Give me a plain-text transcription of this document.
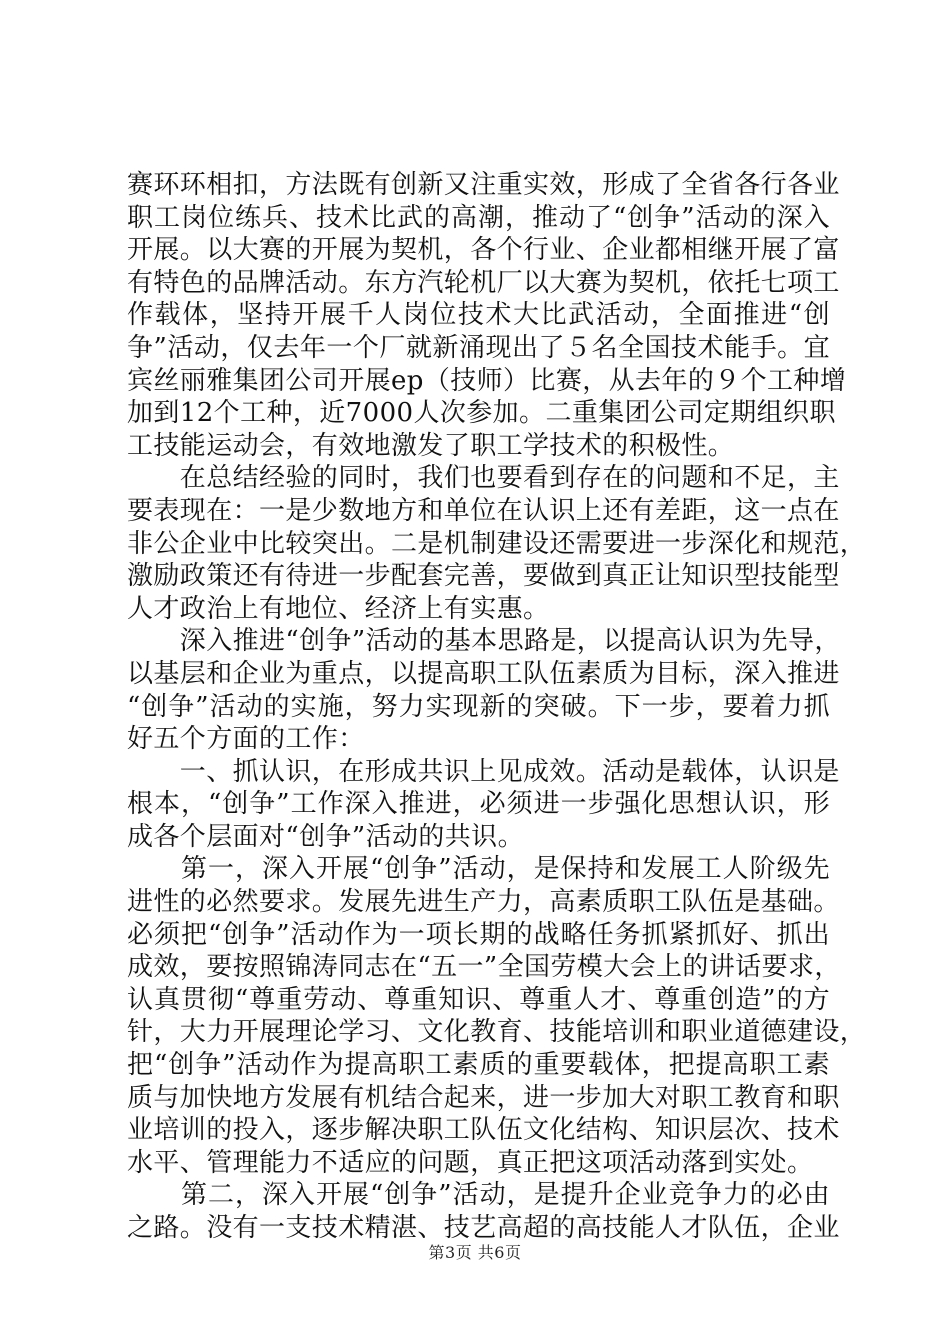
赛环环相扣，方法既有创新又注重实效，形成了全省各行各业
职工岗位练兵、技术比武的高潮，推动了“创争”活动的深入
开展。以大赛的开展为契机，各个行业、企业都相继开展了富
有特色的品牌活动。东方汽轮机厂以大赛为契机，依托七项工
作载体，坚持开展千人岗位技术大比武活动，全面推进“创
争”活动，仅去年一个厂就新涌现出了５名全国技术能手。宜
宾丝丽雅集团公司开展ep（技师）比赛，从去年的９个工种增
加到12个工种，近7000人次参加。二重集团公司定期组织职
工技能运动会，有效地激发了职工学技术的积极性。
　　在总结经验的同时，我们也要看到存在的问题和不足，主
要表现在：一是少数地方和单位在认识上还有差距，这一点在
非公企业中比较突出。二是机制建设还需要进一步深化和规范，
激励政策还有待进一步配套完善，要做到真正让知识型技能型
人才政治上有地位、经济上有实惠。
　　深入推进“创争”活动的基本思路是，以提高认识为先导，
以基层和企业为重点，以提高职工队伍素质为目标，深入推进
“创争”活动的实施，努力实现新的突破。下一步，要着力抓
好五个方面的工作：
　　一、抓认识，在形成共识上见成效。活动是载体，认识是
根本，“创争”工作深入推进，必须进一步强化思想认识，形
成各个层面对“创争”活动的共识。
　　第一，深入开展“创争”活动，是保持和发展工人阶级先
进性的必然要求。发展先进生产力，高素质职工队伍是基础。
必须把“创争”活动作为一项长期的战略任务抓紧抓好、抓出
成效，要按照锦涛同志在“五一”全国劳模大会上的讲话要求，
认真贯彻“尊重劳动、尊重知识、尊重人才、尊重创造”的方
针，大力开展理论学习、文化教育、技能培训和职业道德建设，
把“创争”活动作为提高职工素质的重要载体，把提高职工素
质与加快地方发展有机结合起来，进一步加大对职工教育和职
业培训的投入，逐步解决职工队伍文化结构、知识层次、技术
水平、管理能力不适应的问题，真正把这项活动落到实处。
　　第二，深入开展“创争”活动，是提升企业竞争力的必由
之路。没有一支技术精湛、技艺高超的高技能人才队伍，企业
第3页 共6页
